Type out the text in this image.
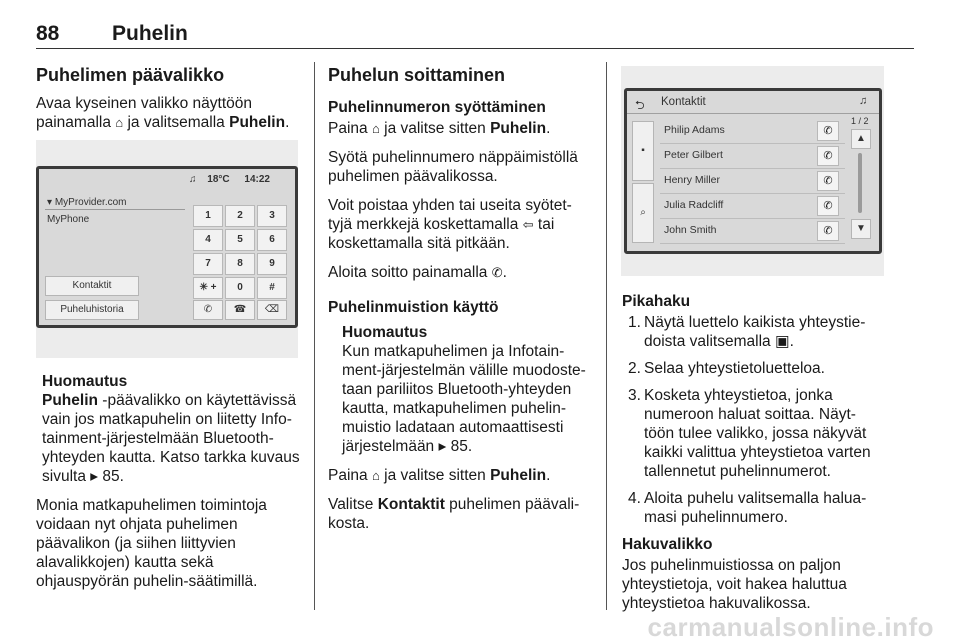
88	Puhelin
Puhelimen päävalikko

Avaa kyseinen valikko näyttöön painamalla ⌂ ja valitsemalla Puhelin.

♫ 18°C 14:22
▾ MyProvider.com
MyPhone	1	2	3
4	5	6
7	8	9
✳ +	0	#
Kontaktit
Puheluhistoria	✆	☎	⌫
Huomautus
Puhelin -päävalikko on käytettävissä vain jos matkapuhelin on liitetty Info-tainment-järjestelmään Bluetooth-yhteyden kautta. Katso tarkka kuvaus sivulta ▸ 85.

Monia matkapuhelimen toimintoja voidaan nyt ohjata puhelimen päävalikon (ja siihen liittyvien alavalikkojen) kautta sekä ohjauspyörän puhelin-säätimillä.

Puhelun soittaminen
Puhelinnumeron syöttäminen

Paina ⌂ ja valitse sitten Puhelin.

Syötä puhelinnumero näppäimistöllä puhelimen päävalikossa.

Voit poistaa yhden tai useita syötet-tyjä merkkejä koskettamalla ⇦ tai koskettamalla sitä pitkään.

Aloita soitto painamalla ✆.

Puhelinmuistion käyttö
Huomautus
Kun matkapuhelimen ja Infotain-ment-järjestelmän välille muodoste-taan pariliitos Bluetooth-yhteyden kautta, matkapuhelimen puhelin-muistio ladataan automaattisesti järjestelmään ▸ 85.

Paina ⌂ ja valitse sitten Puhelin.

Valitse Kontaktit puhelimen päävali-kosta.

⮌ Kontaktit	♫
▪
⌕
Philip Adams	✆
Peter Gilbert	✆
Henry Miller	✆
Julia Radcliff	✆
John Smith	✆
1 / 2
▲
▼
Pikahaku
1. Näytä luettelo kaikista yhteystie-doista valitsemalla ▣.
2. Selaa yhteystietoluetteloa.
3. Kosketa yhteystietoa, jonka numeroon haluat soittaa. Näyt-töön tulee valikko, jossa näkyvät kaikki valittua yhteystietoa varten tallennetut puhelinnumerot.
4. Aloita puhelu valitsemalla halua-masi puhelinnumero.
Hakuvalikko

Jos puhelinmuistiossa on paljon yhteystietoja, voit hakea haluttua yhteystietoa hakuvalikossa.

carmanualsonline.info
